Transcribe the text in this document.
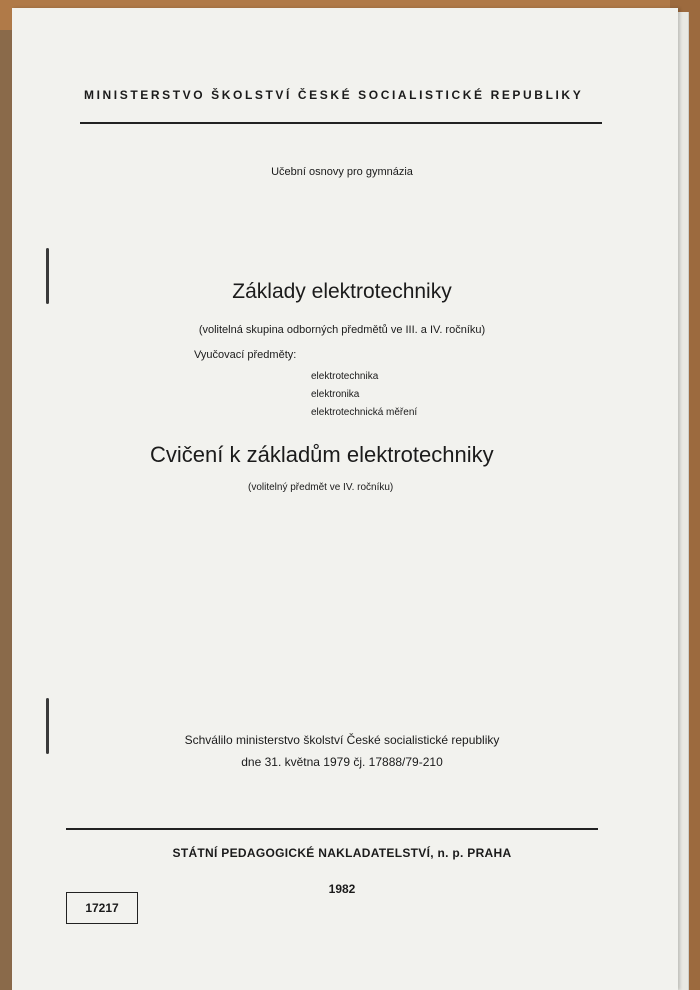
MINISTERSTVO ŠKOLSTVÍ ČESKÉ SOCIALISTICKÉ REPUBLIKY
Učební osnovy pro gymnázia
Základy elektrotechniky
(volitelná skupina odborných předmětů ve III. a IV. ročníku)
Vyučovací předměty:
elektrotechnika
elektronika
elektrotechnická měření
Cvičení k základům elektrotechniky
(volitelný předmět ve IV. ročníku)
Schválilo ministerstvo školství České socialistické republiky
dne 31. května 1979 čj. 17888/79-210
STÁTNÍ PEDAGOGICKÉ NAKLADATELSTVÍ, n. p. PRAHA
1982
17217
